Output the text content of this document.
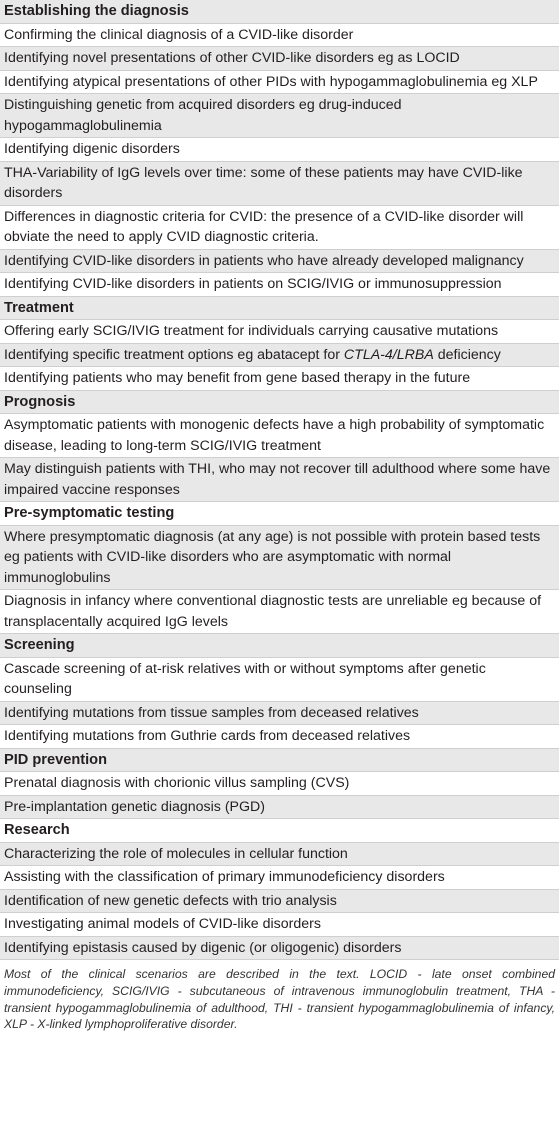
Establishing the diagnosis
Confirming the clinical diagnosis of a CVID-like disorder
Identifying novel presentations of other CVID-like disorders eg as LOCID
Identifying atypical presentations of other PIDs with hypogammaglobulinemia eg XLP
Distinguishing genetic from acquired disorders eg drug-induced hypogammaglobulinemia
Identifying digenic disorders
THA-Variability of IgG levels over time: some of these patients may have CVID-like disorders
Differences in diagnostic criteria for CVID: the presence of a CVID-like disorder will obviate the need to apply CVID diagnostic criteria.
Identifying CVID-like disorders in patients who have already developed malignancy
Identifying CVID-like disorders in patients on SCIG/IVIG or immunosuppression
Treatment
Offering early SCIG/IVIG treatment for individuals carrying causative mutations
Identifying specific treatment options eg abatacept for CTLA-4/LRBA deficiency
Identifying patients who may benefit from gene based therapy in the future
Prognosis
Asymptomatic patients with monogenic defects have a high probability of symptomatic disease, leading to long-term SCIG/IVIG treatment
May distinguish patients with THI, who may not recover till adulthood where some have impaired vaccine responses
Pre-symptomatic testing
Where presymptomatic diagnosis (at any age) is not possible with protein based tests eg patients with CVID-like disorders who are asymptomatic with normal immunoglobulins
Diagnosis in infancy where conventional diagnostic tests are unreliable eg because of transplacentally acquired IgG levels
Screening
Cascade screening of at-risk relatives with or without symptoms after genetic counseling
Identifying mutations from tissue samples from deceased relatives
Identifying mutations from Guthrie cards from deceased relatives
PID prevention
Prenatal diagnosis with chorionic villus sampling (CVS)
Pre-implantation genetic diagnosis (PGD)
Research
Characterizing the role of molecules in cellular function
Assisting with the classification of primary immunodeficiency disorders
Identification of new genetic defects with trio analysis
Investigating animal models of CVID-like disorders
Identifying epistasis caused by digenic (or oligogenic) disorders
Most of the clinical scenarios are described in the text. LOCID - late onset combined immunodeficiency, SCIG/IVIG - subcutaneous of intravenous immunoglobulin treatment, THA - transient hypogammaglobulinemia of adulthood, THI - transient hypogammaglobulinemia of infancy, XLP - X-linked lymphoproliferative disorder.
